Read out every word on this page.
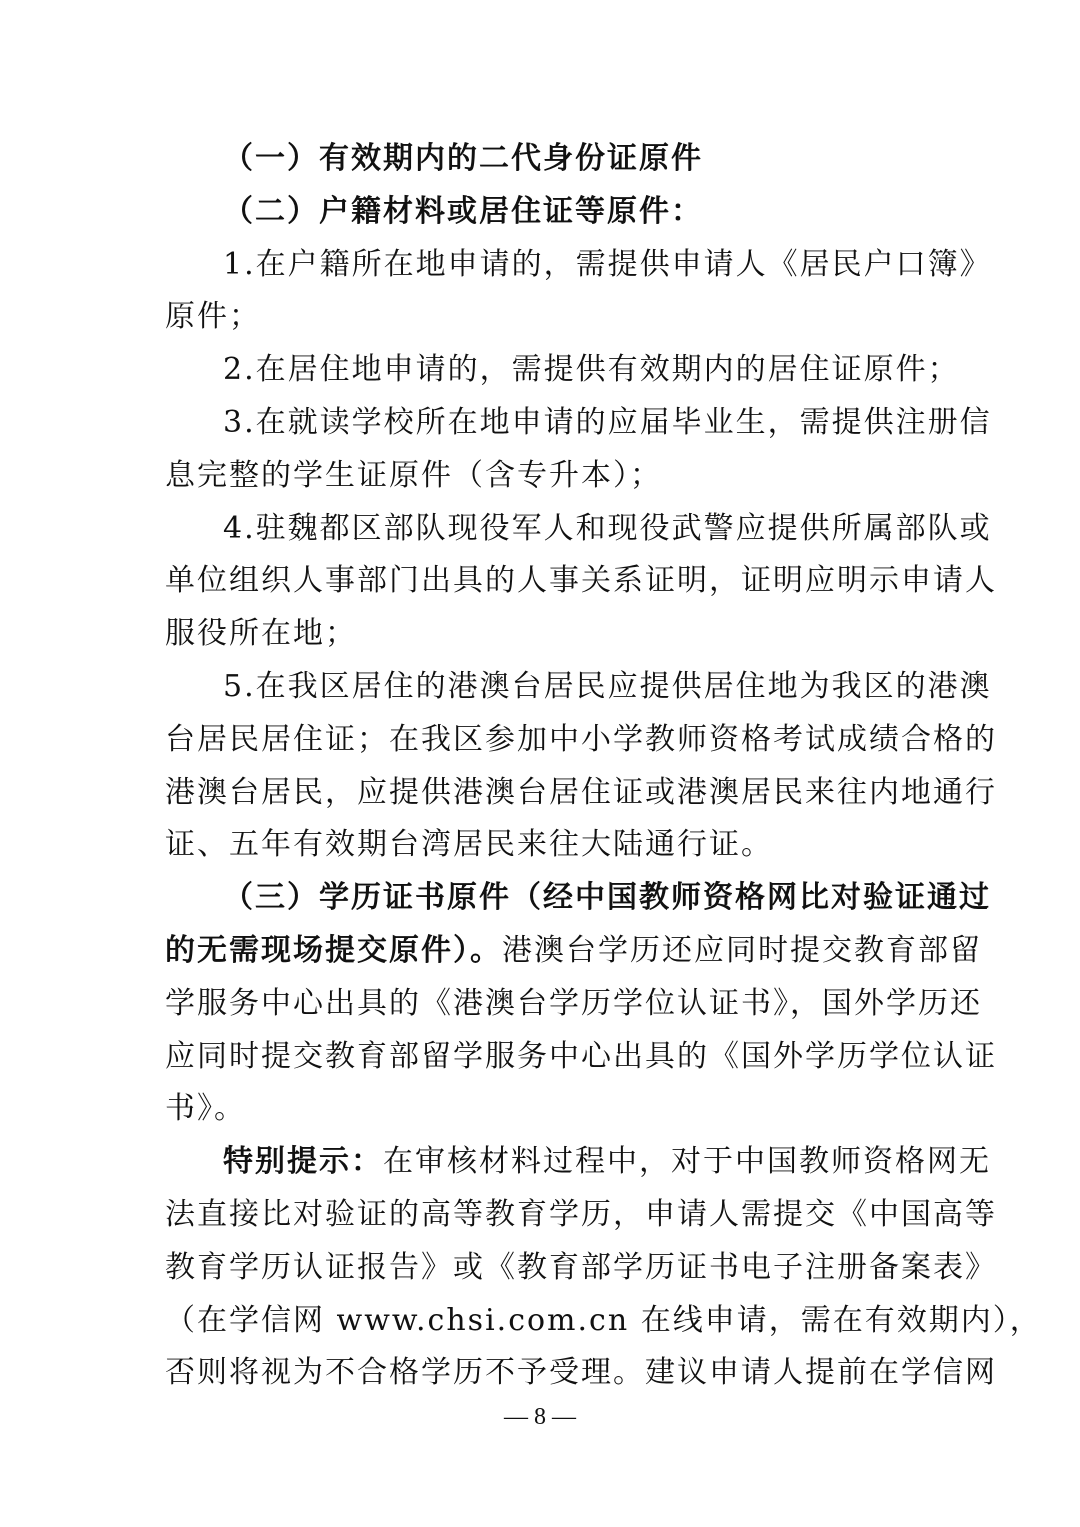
（一）有效期内的二代身份证原件
（二）户籍材料或居住证等原件：
1.在户籍所在地申请的，需提供申请人《居民户口簿》
原件；
2.在居住地申请的，需提供有效期内的居住证原件；
3.在就读学校所在地申请的应届毕业生，需提供注册信
息完整的学生证原件（含专升本）；
4.驻魏都区部队现役军人和现役武警应提供所属部队或
单位组织人事部门出具的人事关系证明，证明应明示申请人
服役所在地；
5.在我区居住的港澳台居民应提供居住地为我区的港澳
台居民居住证；在我区参加中小学教师资格考试成绩合格的
港澳台居民，应提供港澳台居住证或港澳居民来往内地通行
证、五年有效期台湾居民来往大陆通行证。
（三）学历证书原件（经中国教师资格网比对验证通过
的无需现场提交原件）。港澳台学历还应同时提交教育部留
学服务中心出具的《港澳台学历学位认证书》，国外学历还
应同时提交教育部留学服务中心出具的《国外学历学位认证
书》。
特别提示：在审核材料过程中，对于中国教师资格网无
法直接比对验证的高等教育学历，申请人需提交《中国高等
教育学历认证报告》或《教育部学历证书电子注册备案表》
（在学信网 www.chsi.com.cn 在线申请，需在有效期内），
否则将视为不合格学历不予受理。建议申请人提前在学信网
— 8 —
